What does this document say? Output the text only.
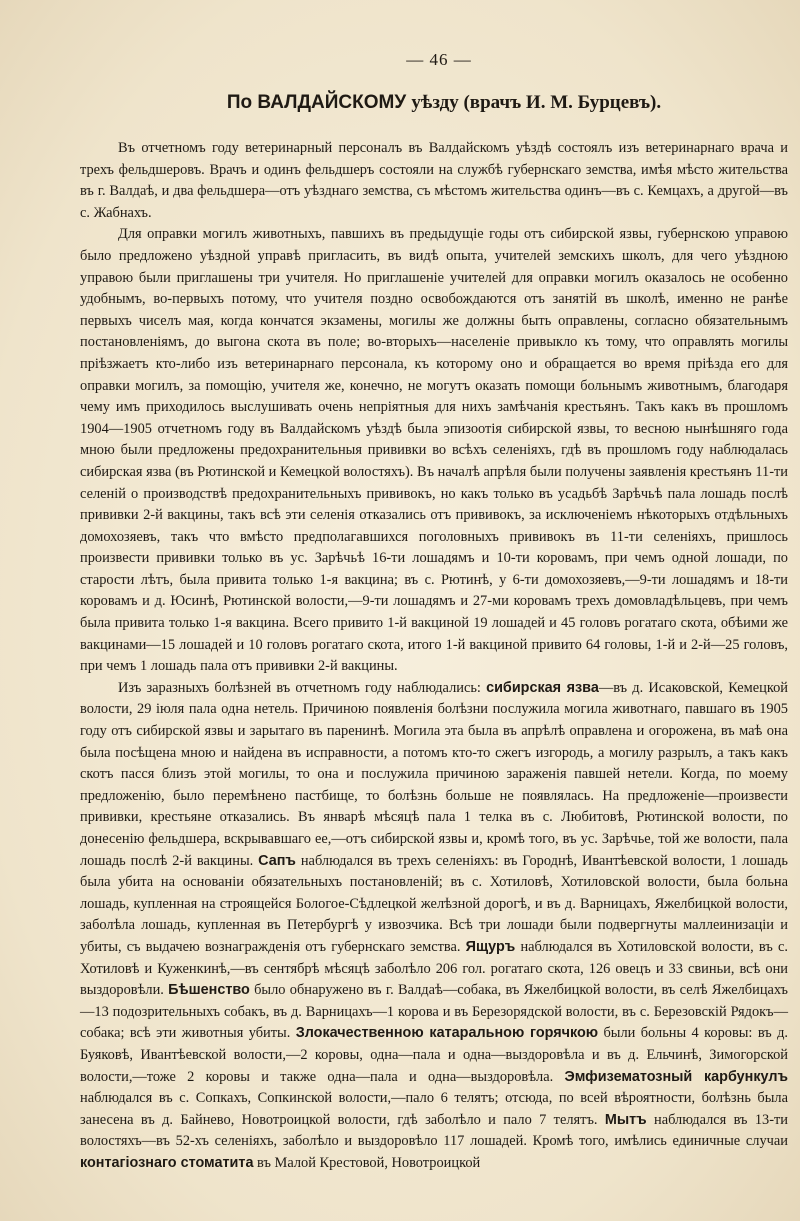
— 46 —
По ВАЛДАЙСКОМУ уѣзду (врачъ И. М. Бурцевъ).

Въ отчетномъ году ветеринарный персоналъ въ Валдайскомъ уѣздѣ состоялъ изъ ветеринарнаго врача и трехъ фельдшеровъ. Врачъ и одинъ фельдшеръ состояли на службѣ губернскаго земства, имѣя мѣсто жительства въ г. Валдаѣ, и два фельдшера—отъ уѣзднаго земства, съ мѣстомъ жительства одинъ—въ с. Кемцахъ, а другой—въ с. Жабнахъ.

Для оправки могилъ животныхъ, павшихъ въ предыдущіе годы отъ сибирской язвы, губернскою управою было предложено уѣздной управѣ пригласить, въ видѣ опыта, учителей земскихъ школъ, для чего уѣздною управою были приглашены три учителя. Но приглашеніе учителей для оправки могилъ оказалось не особенно удобнымъ, во-первыхъ потому, что учителя поздно освобождаются отъ занятій въ школѣ, именно не ранѣе первыхъ чиселъ мая, когда кончатся экзамены, могилы же должны быть оправлены, согласно обязательнымъ постановленіямъ, до выгона скота въ поле; во-вторыхъ—населеніе привыкло къ тому, что оправлять могилы пріѣзжаетъ кто-либо изъ ветеринарнаго персонала, къ которому оно и обращается во время пріѣзда его для оправки могилъ, за помощію, учителя же, конечно, не могутъ оказать помощи больнымъ животнымъ, благодаря чему имъ приходилось выслушивать очень непріятныя для нихъ замѣчанія крестьянъ. Такъ какъ въ прошломъ 1904—1905 отчетномъ году въ Валдайскомъ уѣздѣ была эпизоотія сибирской язвы, то весною нынѣшняго года мною были предложены предохранительныя прививки во всѣхъ селеніяхъ, гдѣ въ прошломъ году наблюдалась сибирская язва (въ Рютинской и Кемецкой волостяхъ). Въ началѣ апрѣля были получены заявленія крестьянъ 11-ти селеній о производствѣ предохранительныхъ прививокъ, но какъ только въ усадьбѣ Зарѣчьѣ пала лошадь послѣ прививки 2-й вакцины, такъ всѣ эти селенія отказались отъ прививокъ, за исключеніемъ нѣкоторыхъ отдѣльныхъ домохозяевъ, такъ что вмѣсто предполагавшихся поголовныхъ прививокъ въ 11-ти селеніяхъ, пришлось произвести прививки только въ ус. Зарѣчьѣ 16-ти лошадямъ и 10-ти коровамъ, при чемъ одной лошади, по старости лѣтъ, была привита только 1-я вакцина; въ с. Рютинѣ, у 6-ти домохозяевъ,—9-ти лошадямъ и 18-ти коровамъ и д. Юсинѣ, Рютинской волости,—9-ти лошадямъ и 27-ми коровамъ трехъ домовладѣльцевъ, при чемъ была привита только 1-я вакцина. Всего привито 1-й вакциной 19 лошадей и 45 головъ рогатаго скота, обѣими же вакцинами—15 лошадей и 10 головъ рогатаго скота, итого 1-й вакциной привито 64 головы, 1-й и 2-й—25 головъ, при чемъ 1 лошадь пала отъ прививки 2-й вакцины.

Изъ заразныхъ болѣзней въ отчетномъ году наблюдались: сибирская язва—въ д. Исаковской, Кемецкой волости, 29 іюля пала одна нетель. Причиною появленія болѣзни послужила могила животнаго, павшаго въ 1905 году отъ сибирской язвы и зарытаго въ паренинѣ. Могила эта была въ апрѣлѣ оправлена и огорожена, въ маѣ она была посѣщена мною и найдена въ исправности, а потомъ кто-то сжегъ изгородь, а могилу разрылъ, а такъ какъ скотъ пасся близъ этой могилы, то она и послужила причиною зараженія павшей нетели. Когда, по моему предложенію, было перемѣнено пастбище, то болѣзнь больше не появлялась. На предложеніе—произвести прививки, крестьяне отказались. Въ январѣ мѣсяцѣ пала 1 телка въ с. Любитовѣ, Рютинской волости, по донесенію фельдшера, вскрывавшаго ее,—отъ сибирской язвы и, кромѣ того, въ ус. Зарѣчье, той же волости, пала лошадь послѣ 2-й вакцины. Сапъ наблюдался въ трехъ селеніяхъ: въ Городнѣ, Ивантѣевской волости, 1 лошадь была убита на основаніи обязательныхъ постановленій; въ с. Хотиловѣ, Хотиловской волости, была больна лошадь, купленная на строящейся Бологое-Сѣдлецкой желѣзной дорогѣ, и въ д. Варницахъ, Яжелбицкой волости, заболѣла лошадь, купленная въ Петербургѣ у извозчика. Всѣ три лошади были подвергнуты маллеинизаціи и убиты, съ выдачею вознагражденія отъ губернскаго земства. Ящуръ наблюдался въ Хотиловской волости, въ с. Хотиловѣ и Куженкинѣ,—въ сентябрѣ мѣсяцѣ заболѣло 206 гол. рогатаго скота, 126 овецъ и 33 свиньи, всѣ они выздоровѣли. Бѣшенство было обнаружено въ г. Валдаѣ—собака, въ Яжелбицкой волости, въ селѣ Яжелбицахъ—13 подозрительныхъ собакъ, въ д. Варницахъ—1 корова и въ Березорядской волости, въ с. Березовскій Рядокъ—собака; всѣ эти животныя убиты. Злокачественною катаральною горячкою были больны 4 коровы: въ д. Буяковѣ, Ивантѣевской волости,—2 коровы, одна—пала и одна—выздоровѣла и въ д. Ельчинѣ, Зимогорской волости,—тоже 2 коровы и также одна—пала и одна—выздоровѣла. Эмфизематозный карбункулъ наблюдался въ с. Сопкахъ, Сопкинской волости,—пало 6 телятъ; отсюда, по всей вѣроятности, болѣзнь была занесена въ д. Байнево, Новотроицкой волости, гдѣ заболѣло и пало 7 телятъ. Мытъ наблюдался въ 13-ти волостяхъ—въ 52-хъ селеніяхъ, заболѣло и выздоровѣло 117 лошадей. Кромѣ того, имѣлись единичные случаи контагіознаго стоматита въ Малой Крестовой, Новотроицкой
